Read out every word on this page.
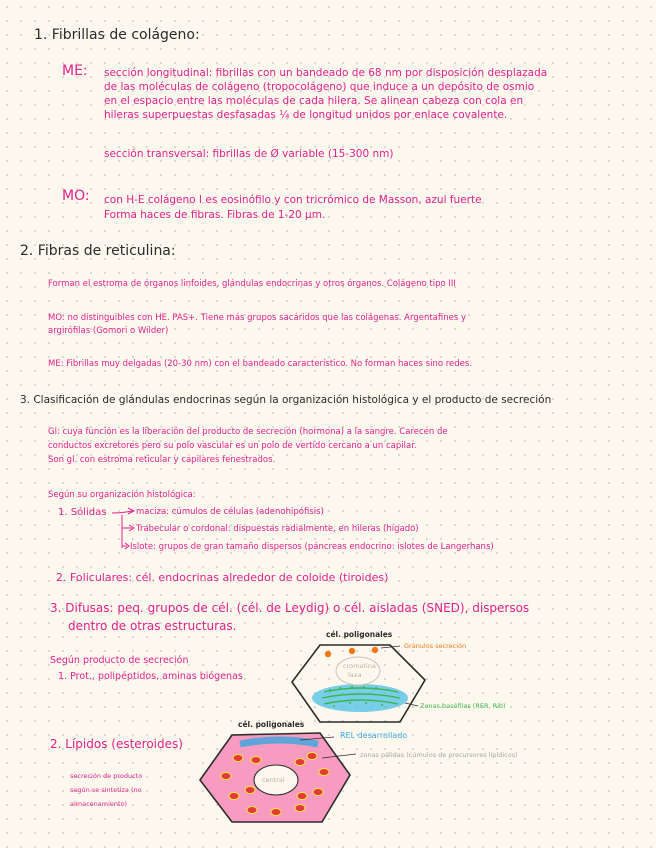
1. Fibrillas de colágeno:
ME: sección longitudinal: fibrillas con un bandeado de 68 nm por disposición desplazada
de las moléculas de colágeno (tropocolágeno) que induce a un depósito de osmio
en el espacio entre las moléculas de cada hilera. Se alinean cabeza con cola en
hileras superpuestas desfasadas ¼ de longitud unidos por enlace covalente.
sección transversal: fibrillas de Ø variable (15-300 nm)
MO: con H-E colágeno I es eosinófilo y con tricrómico de Masson, azul fuerte
Forma haces de fibras. Fibras de 1-20 µm.
2. Fibras de reticulina:
Forman el estroma de órganos linfoides, glándulas endocrinas y otros órganos. Colágeno tipo III
MO: no distinguibles con HE. PAS+. Tiene más grupos sacáridos que las colágenas. Argentafines y
argirófilas (Gomori o Wilder)
ME: Fibrillas muy delgadas (20-30 nm) con el bandeado característico. No forman haces sino redes.
3. Clasificación de glándulas endocrinas según la organización histológica y el producto de secreción
Gl: cuya función es la liberación del producto de secreción (hormona) a la sangre. Carecen de
conductos excretores pero su polo vascular es un polo de vertido cercano a un capilar.
Son gl. con estroma reticular y capilares fenestrados.
Según su organización histológica:
1. Sólidas	maciza: cúmulos de células (adenohipófisis)
Trabecular o cordonal: dispuestas radialmente, en hileras (hígado)
Islote: grupos de gran tamaño dispersos (páncreas endocrino: islotes de Langerhans)
2. Foliculares: cél. endocrinas alrededor de coloide (tiroides)
3. Difusas: peq. grupos de cél. (cél. de Leydig) o cél. aisladas (SNED), dispersos
dentro de otras estructuras.
Según producto de secreción
1. Prot., polipéptidos, aminas biógenas
2. Lípidos (esteroides)
secreción de producto
según se sintetiza (no
almacenamiento)
cél. poligonales
Gránulos secreción
cromatina
laxa
Zonas basófilas (RER, Rib)
cél. poligonales
REL desarrollado
zonas pálidas (cúmulos de precursores lipídicos)
central
